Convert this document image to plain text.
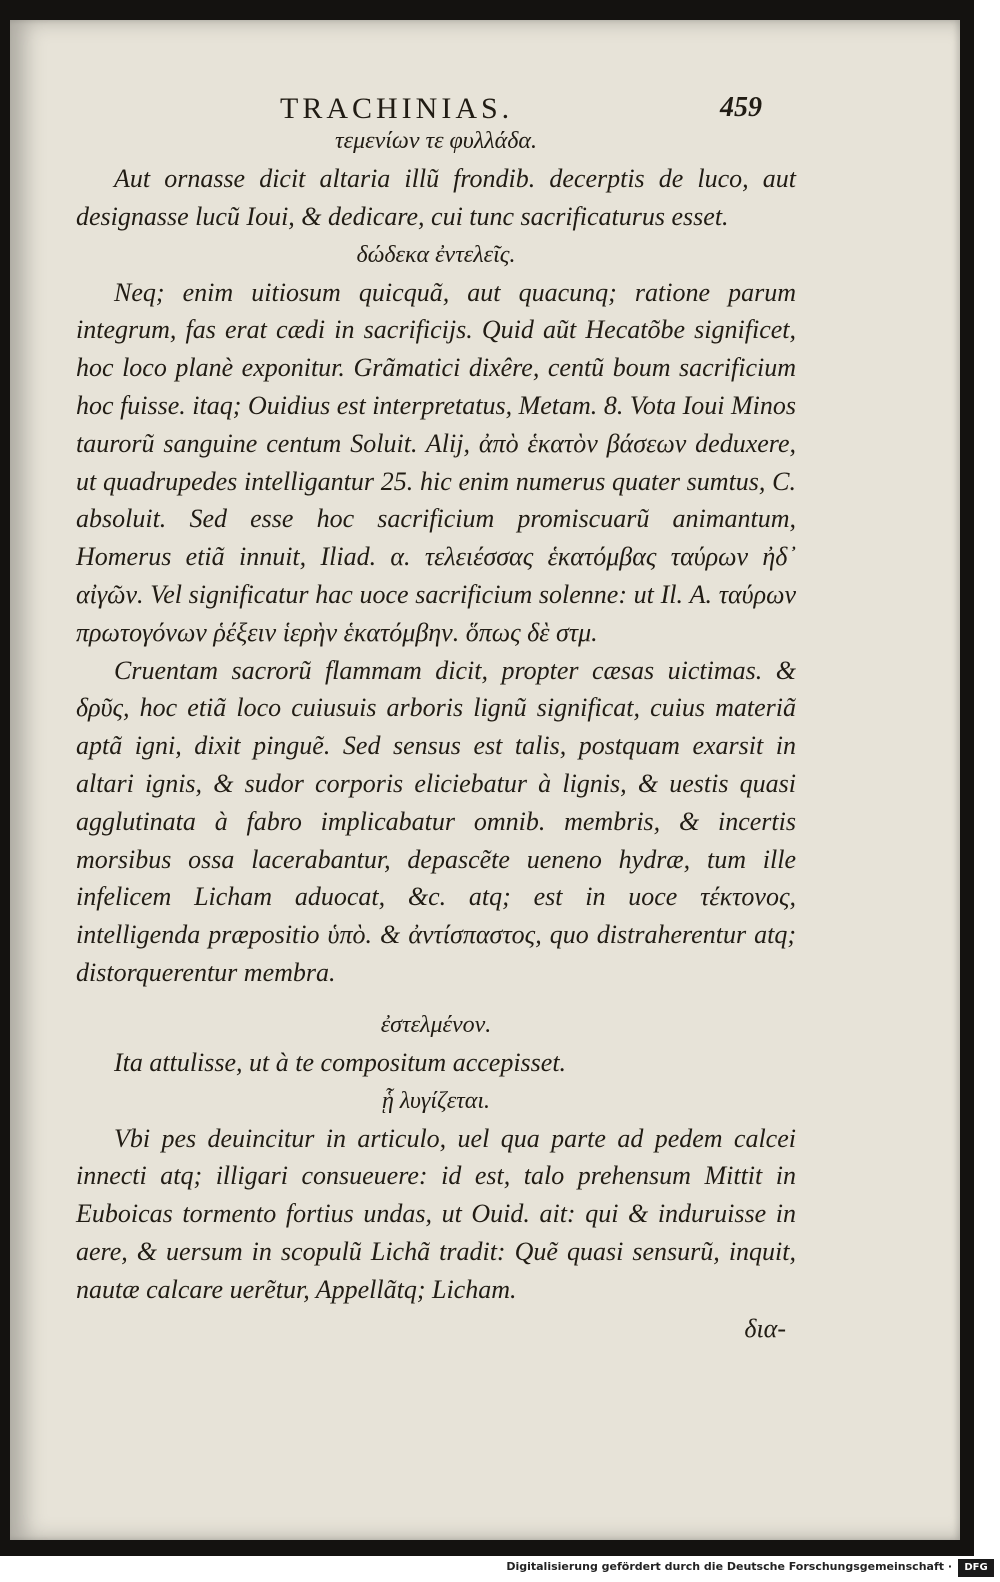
TRACHINIAS.	459
τεμενίων τε φυλλάδα.

Aut ornasse dicit altaria illũ frondib. decerptis de luco, aut designasse lucũ Ioui, & dedicare, cui tunc sacrificaturus esset.

δώδεκα ἐντελεῖς.

Neq; enim uitiosum quicquã, aut quacunq; ratione parum integrum, fas erat cædi in sacrificijs. Quid aũt Hecatõbe significet, hoc loco planè exponitur. Grãmatici dixêre, centũ boum sacrificium hoc fuisse. itaq; Ouidius est interpretatus, Metam. 8. Vota Ioui Minos taurorũ sanguine centum Soluit. Alij, ἀπὸ ἑκατὸν βάσεων deduxere, ut quadrupedes intelligantur 25. hic enim numerus quater sumtus, C. absoluit. Sed esse hoc sacrificium promiscuarũ animantum, Homerus etiã innuit, Iliad. α. τελειέσσας ἑκατόμβας ταύρων ἠδ᾽ αἰγῶν. Vel significatur hac uoce sacrificium solenne: ut Il. Α. ταύρων πρωτογόνων ῥέξειν ἱερὴν ἑκατόμβην. ὅπως δὲ στμ.

Cruentam sacrorũ flammam dicit, propter cæsas uictimas. & δρῦς, hoc etiã loco cuiusuis arboris lignũ significat, cuius materiã aptã igni, dixit pinguẽ. Sed sensus est talis, postquam exarsit in altari ignis, & sudor corporis eliciebatur à lignis, & uestis quasi agglutinata à fabro implicabatur omnib. membris, & incertis morsibus ossa lacerabantur, depascẽte ueneno hydræ, tum ille infelicem Licham aduocat, &c. atq; est in uoce τέκτονος, intelligenda præpositio ὑπὸ. & ἀντίσπαστος, quo distraherentur atq; distorquerentur membra.

ἐστελμένον.

Ita attulisse, ut à te compositum accepisset.

ᾗ λυγίζεται.

Vbi pes deuincitur in articulo, uel qua parte ad pedem calcei innecti atq; illigari consueuere: id est, talo prehensum Mittit in Euboicas tormento fortius undas, ut Ouid. ait: qui & induruisse in aere, & uersum in scopulũ Lichã tradit: Quẽ quasi sensurũ, inquit, nautæ calcare uerẽtur, Appellãtq; Licham.

δια-
Digitalisierung gefördert durch die Deutsche Forschungsgemeinschaft ·	DFG
